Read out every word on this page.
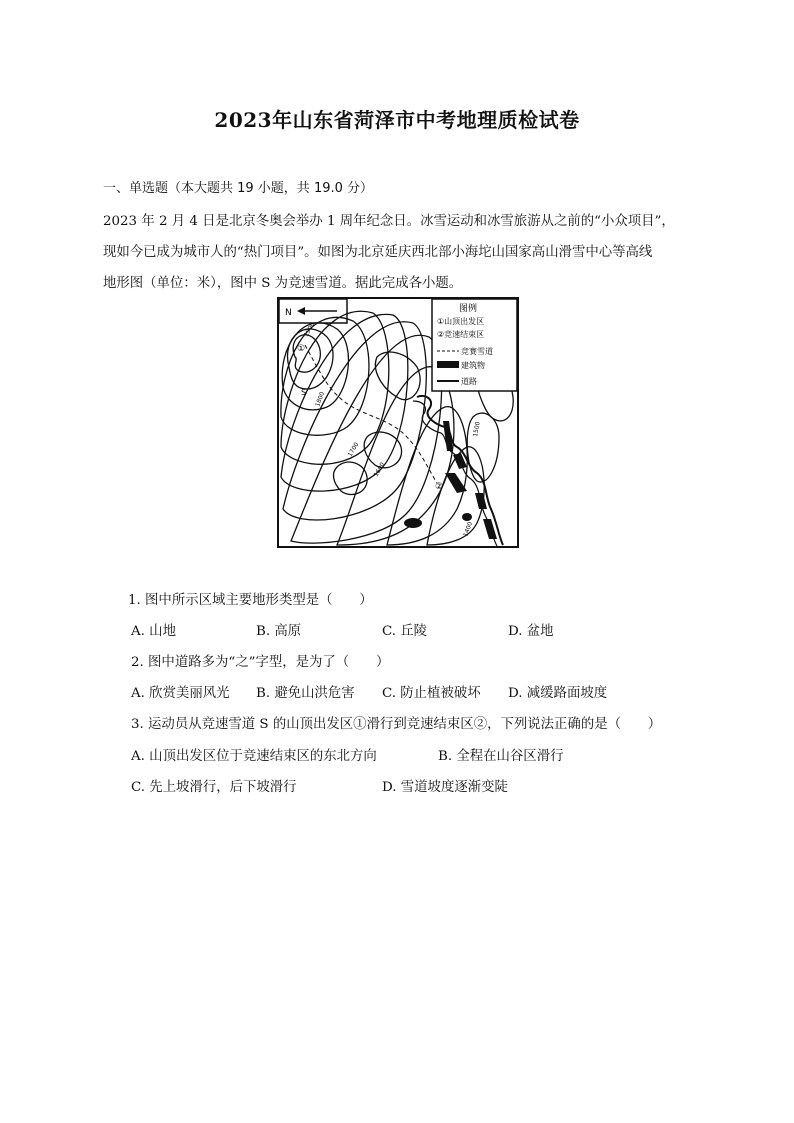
2023年山东省菏泽市中考地理质检试卷
一、单选题（本大题共 19 小题，共 19.0 分）

2023 年 2 月 4 日是北京冬奥会举办 1 周年纪念日。冰雪运动和冰雪旅游从之前的“小众项目”，

现如今已成为城市人的“热门项目”。如图为北京延庆西北部小海坨山国家高山滑雪中心等高线

地形图（单位：米），图中 S 为竞速雪道。据此完成各小题。

N
①
②
S
1900
1800
1700
1600
1500
1400
图例
①山顶出发区
②竞速结束区
竞赛雪道
建筑物
道路
1. 图中所示区域主要地形类型是（　　）
A. 山地	B. 高原	C. 丘陵	D. 盆地
2. 图中道路多为“之”字型，是为了（　　）
A. 欣赏美丽风光 B. 避免山洪危害 C. 防止植被破坏 D. 减缓路面坡度
3. 运动员从竞速雪道 S 的山顶出发区①滑行到竞速结束区②，下列说法正确的是（　　）
A. 山顶出发区位于竞速结束区的东北方向	B. 全程在山谷区滑行
C. 先上坡滑行，后下坡滑行	D. 雪道坡度逐渐变陡
